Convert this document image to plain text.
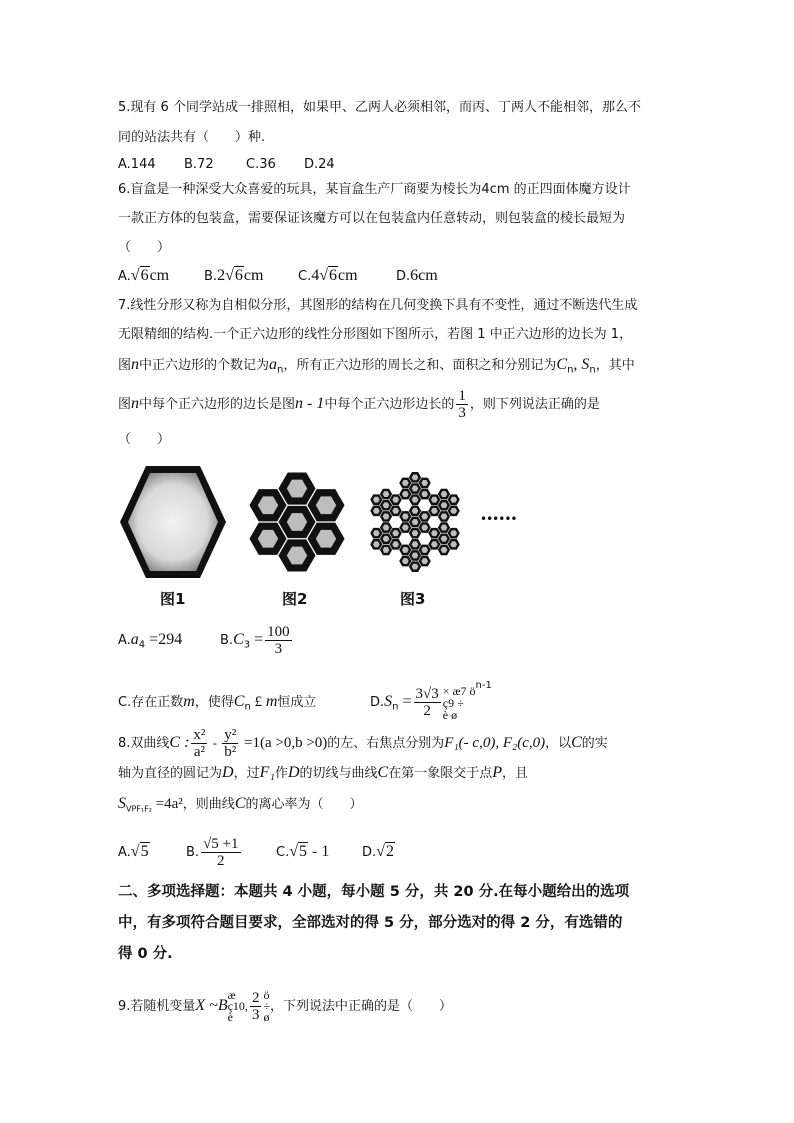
5.现有 6 个同学站成一排照相，如果甲、乙两人必须相邻，而丙、丁两人不能相邻，那么不
同的站法共有（　　）种.
A.144 B.72 C.36 D.24
6.盲盒是一种深受大众喜爱的玩具，某盲盒生产厂商要为棱长为4cm 的正四面体魔方设计
一款正方体的包装盒，需要保证该魔方可以在包装盒内任意转动，则包装盒的棱长最短为
（　　）
A.√6cm	B.2√6cm	C.4√6cm	D.6cm
7.线性分形又称为自相似分形，其图形的结构在几何变换下具有不变性，通过不断迭代生成
无限精细的结构.一个正六边形的线性分形图如下图所示，若图 1 中正六边形的边长为 1，
图n中正六边形的个数记为$a_n$，所有正六边形的周长之和、面积之和分别记为$C_n$, $S_n$，其中
图n中每个正六边形的边长是图n - 1中每个正六边形边长的 $\frac{1}{3}$ ，则下列说法正确的是
（　　）
••••••
图1	图2	图3
$A.a_4 =294$	$B.C_3 = \frac{100}{3}$
C.存在正数m，使得$C_n$ £ m恒成立	$D.S_n = \frac{3√3}{2}$ × æ7 ö
ç9 ÷
è ø
$^{n-1}$
8.双曲线C : $\frac{\text{x²}}{\text{a²}} - \frac{\text{y²}}{\text{b²}} =1(a >0,b >0)$的左、右焦点分别为F₁(- c,0), F₂(c,0)，以C的实
轴为直径的圆记为D，过F₁作D的切线与曲线C在第一象限交于点P，且
$S_{VPF_1F_2} =4a^2$，则曲线C的离心率为（　　）
A.√5	B. $\frac{√5 +1}{2}$	C.√5 - 1	D.√2
二、多项选择题：本题共 4 小题，每小题 5 分，共 20 分.在每小题给出的选项
中，有多项符合题目要求，全部选对的得 5 分，部分选对的得 2 分，有选错的
得 0 分.
9.若随机变量X ~B
æ
ç10,
è	$\frac{2}{3}$ ö
÷
ø
，下列说法中正确的是（　　）
